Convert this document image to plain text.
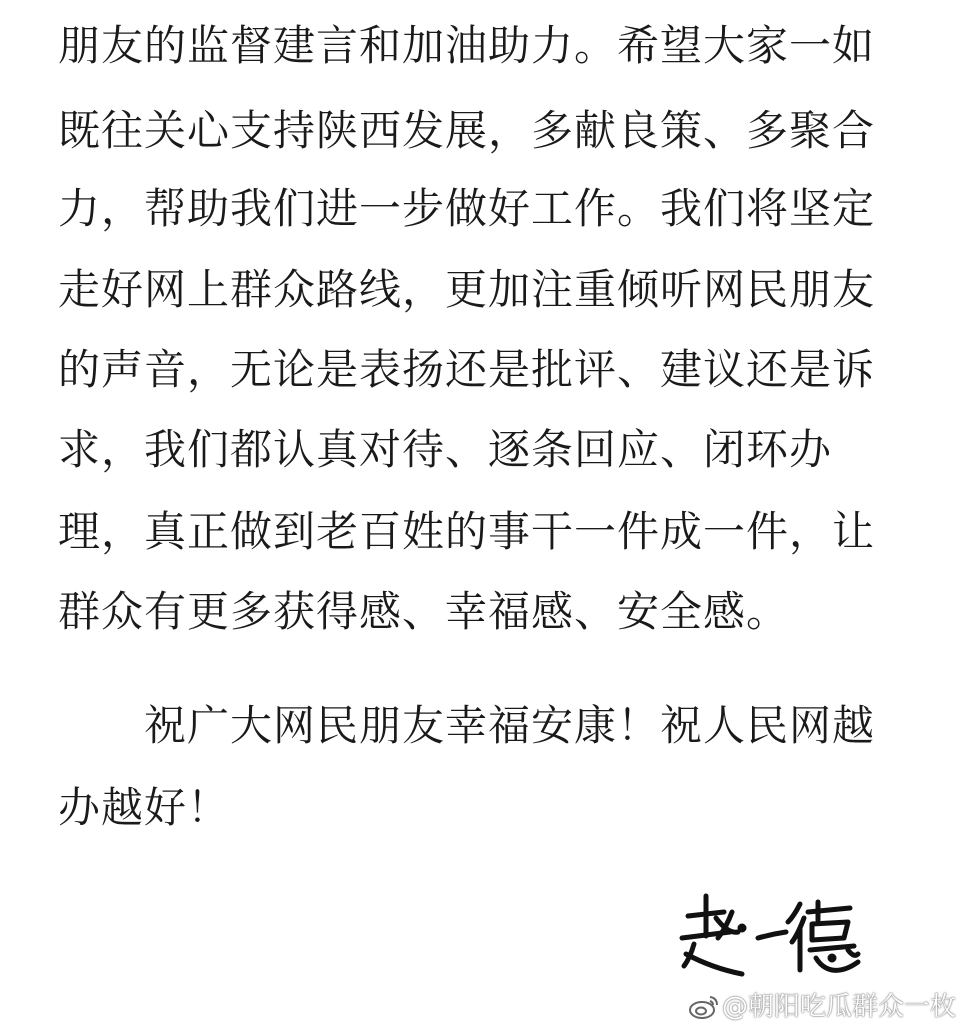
朋友的监督建言和加油助力。希望大家一如
既往关心支持陕西发展，多献良策、多聚合
力，帮助我们进一步做好工作。我们将坚定
走好网上群众路线，更加注重倾听网民朋友
的声音，无论是表扬还是批评、建议还是诉
求，我们都认真对待、逐条回应、闭环办
理，真正做到老百姓的事干一件成一件，让
群众有更多获得感、幸福感、安全感。
　　祝广大网民朋友幸福安康！祝人民网越
办越好！
@朝阳吃瓜群众一枚
